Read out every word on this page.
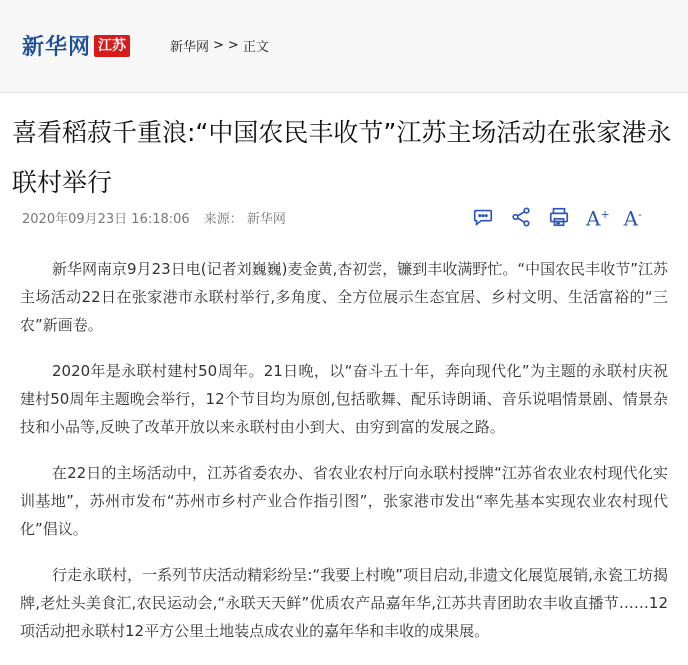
新华网 江苏	新华网 > > 正文
喜看稻菽千重浪:“中国农民丰收节”江苏主场活动在张家港永联村举行
2020年09月23日 16:18:06 来源： 新华网	A+ A-

新华网南京9月23日电(记者刘巍巍)麦金黄,杏初尝，镰到丰收满野忙。“中国农民丰收节”江苏主场活动22日在张家港市永联村举行,多角度、全方位展示生态宜居、乡村文明、生活富裕的“三农”新画卷。

2020年是永联村建村50周年。21日晚，以“奋斗五十年，奔向现代化”为主题的永联村庆祝建村50周年主题晚会举行，12个节目均为原创,包括歌舞、配乐诗朗诵、音乐说唱情景剧、情景杂技和小品等,反映了改革开放以来永联村由小到大、由穷到富的发展之路。

在22日的主场活动中，江苏省委农办、省农业农村厅向永联村授牌“江苏省农业农村现代化实训基地”，苏州市发布“苏州市乡村产业合作指引图”，张家港市发出“率先基本实现农业农村现代化”倡议。

行走永联村，一系列节庆活动精彩纷呈:“我要上村晚”项目启动,非遗文化展览展销,永瓷工坊揭牌,老灶头美食汇,农民运动会,“永联天天鲜”优质农产品嘉年华,江苏共青团助农丰收直播节……12项活动把永联村12平方公里土地装点成农业的嘉年华和丰收的成果展。
